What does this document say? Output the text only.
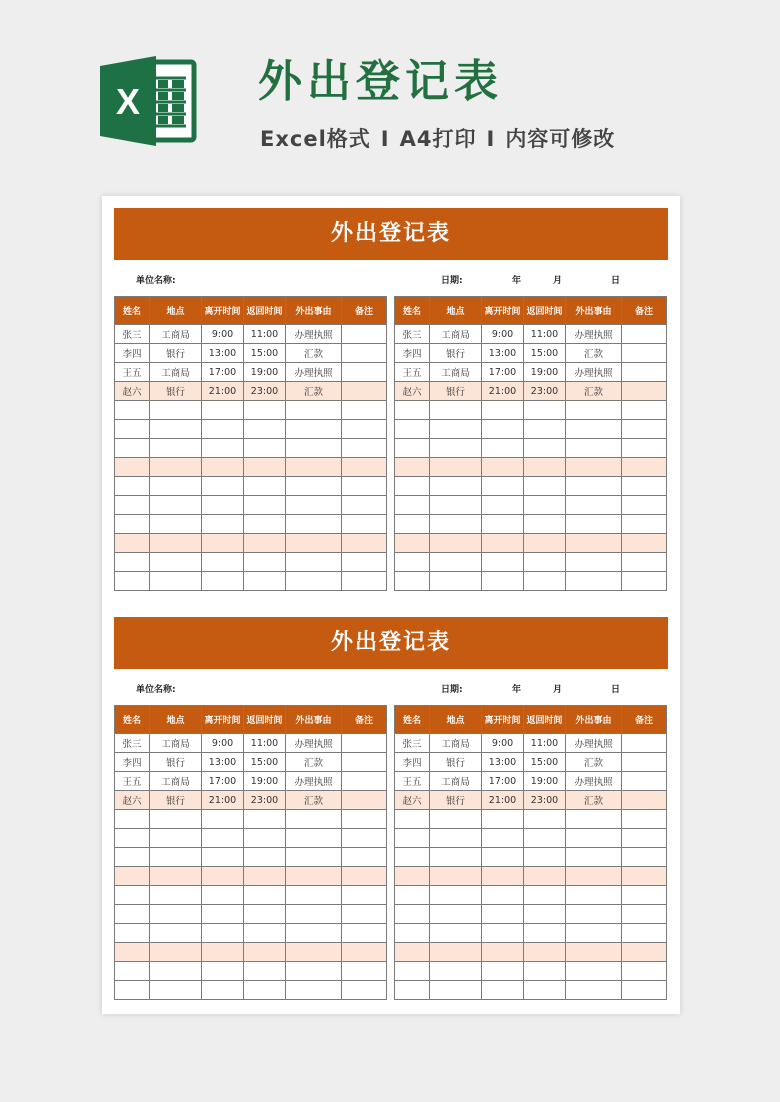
X	外出登记表
Excel格式 I A4打印 I 内容可修改
外出登记表
单位名称:	日期:	年	月	日
姓名	地点	离开时间	返回时间	外出事由	备注
张三	工商局	9:00	11:00	办理执照	
李四	银行	13:00	15:00	汇款	
王五	工商局	17:00	19:00	办理执照	
赵六	银行	21:00	23:00	汇款	

姓名	地点	离开时间	返回时间	外出事由	备注
张三	工商局	9:00	11:00	办理执照	
李四	银行	13:00	15:00	汇款	
王五	工商局	17:00	19:00	办理执照	
赵六	银行	21:00	23:00	汇款	

外出登记表
单位名称:	日期:	年	月	日
姓名	地点	离开时间	返回时间	外出事由	备注
张三	工商局	9:00	11:00	办理执照	
李四	银行	13:00	15:00	汇款	
王五	工商局	17:00	19:00	办理执照	
赵六	银行	21:00	23:00	汇款	

姓名	地点	离开时间	返回时间	外出事由	备注
张三	工商局	9:00	11:00	办理执照	
李四	银行	13:00	15:00	汇款	
王五	工商局	17:00	19:00	办理执照	
赵六	银行	21:00	23:00	汇款	
